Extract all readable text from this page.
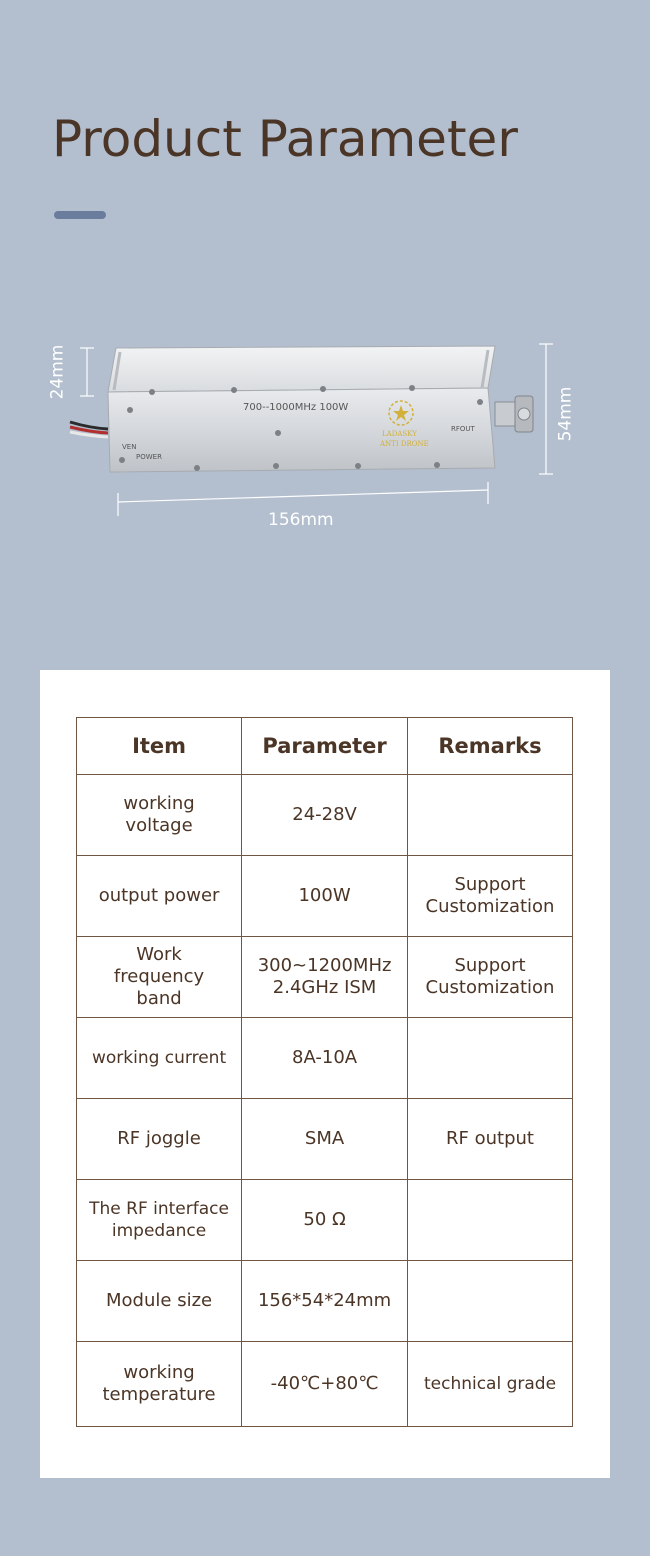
Product Parameter
700--1000MHz 100W
VEN
POWER
RFOUT
LADASKY
ANTI DRONE
156mm
24mm
54mm
Item	Parameter	Remarks
working voltage	24-28V	
output power	100W	Support Customization
Work frequency band	300~1200MHz 2.4GHz ISM	Support Customization
working current	8A-10A	
RF joggle	SMA	RF output
The RF interface impedance	50 Ω	
Module size	156*54*24mm	
working temperature	-40℃+80℃	technical grade
